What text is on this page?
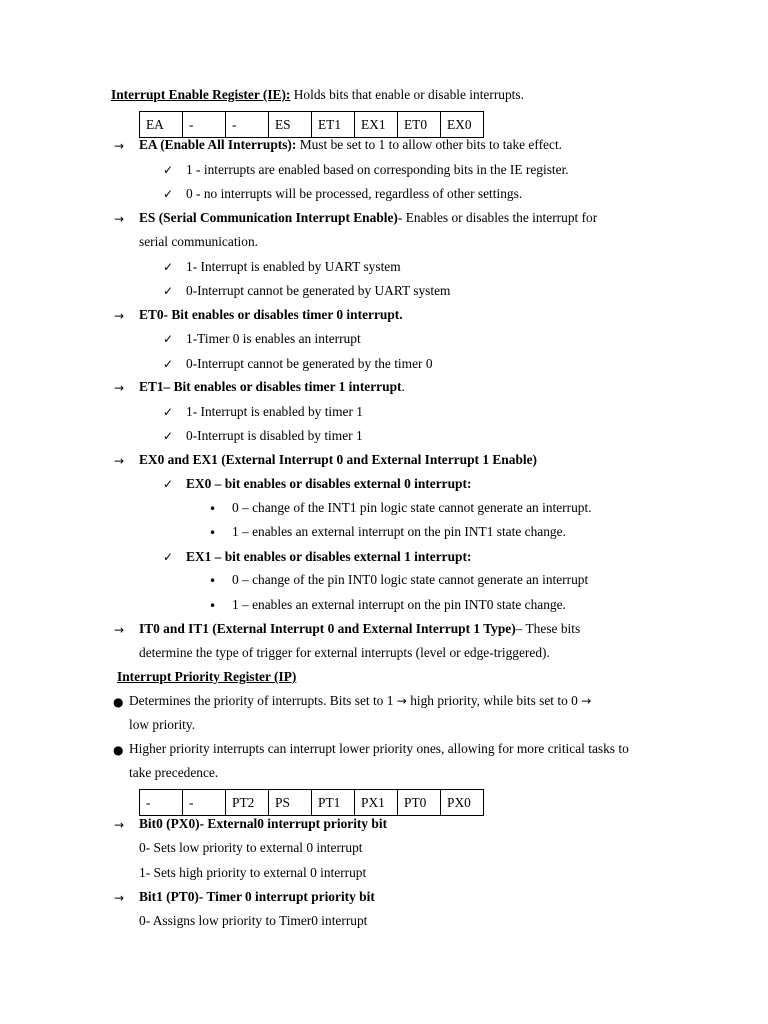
Interrupt Enable Register (IE): Holds bits that enable or disable interrupts.
EA	-	-	ES	ET1	EX1	ET0	EX0
→ EA (Enable All Interrupts): Must be set to 1 to allow other bits to take effect.
✓ 1 - interrupts are enabled based on corresponding bits in the IE register.
✓ 0 - no interrupts will be processed, regardless of other settings.
→ ES (Serial Communication Interrupt Enable)- Enables or disables the interrupt for
serial communication.
✓ 1- Interrupt is enabled by UART system
✓ 0-Interrupt cannot be generated by UART system
→ ET0- Bit enables or disables timer 0 interrupt.
✓ 1-Timer 0 is enables an interrupt
✓ 0-Interrupt cannot be generated by the timer 0
→ ET1– Bit enables or disables timer 1 interrupt.
✓ 1- Interrupt is enabled by timer 1
✓ 0-Interrupt is disabled by timer 1
→ EX0 and EX1 (External Interrupt 0 and External Interrupt 1 Enable)
✓ EX0 – bit enables or disables external 0 interrupt:
• 0 – change of the INT1 pin logic state cannot generate an interrupt.
• 1 – enables an external interrupt on the pin INT1 state change.
✓ EX1 – bit enables or disables external 1 interrupt:
• 0 – change of the pin INT0 logic state cannot generate an interrupt
• 1 – enables an external interrupt on the pin INT0 state change.
→ IT0 and IT1 (External Interrupt 0 and External Interrupt 1 Type)– These bits
determine the type of trigger for external interrupts (level or edge-triggered).
Interrupt Priority Register (IP)
● Determines the priority of interrupts. Bits set to 1 → high priority, while bits set to 0 →
low priority.
● Higher priority interrupts can interrupt lower priority ones, allowing for more critical tasks to
take precedence.
-	-	PT2	PS	PT1	PX1	PT0	PX0
→ Bit0 (PX0)- External0 interrupt priority bit
0- Sets low priority to external 0 interrupt
1- Sets high priority to external 0 interrupt
→ Bit1 (PT0)- Timer 0 interrupt priority bit
0- Assigns low priority to Timer0 interrupt
